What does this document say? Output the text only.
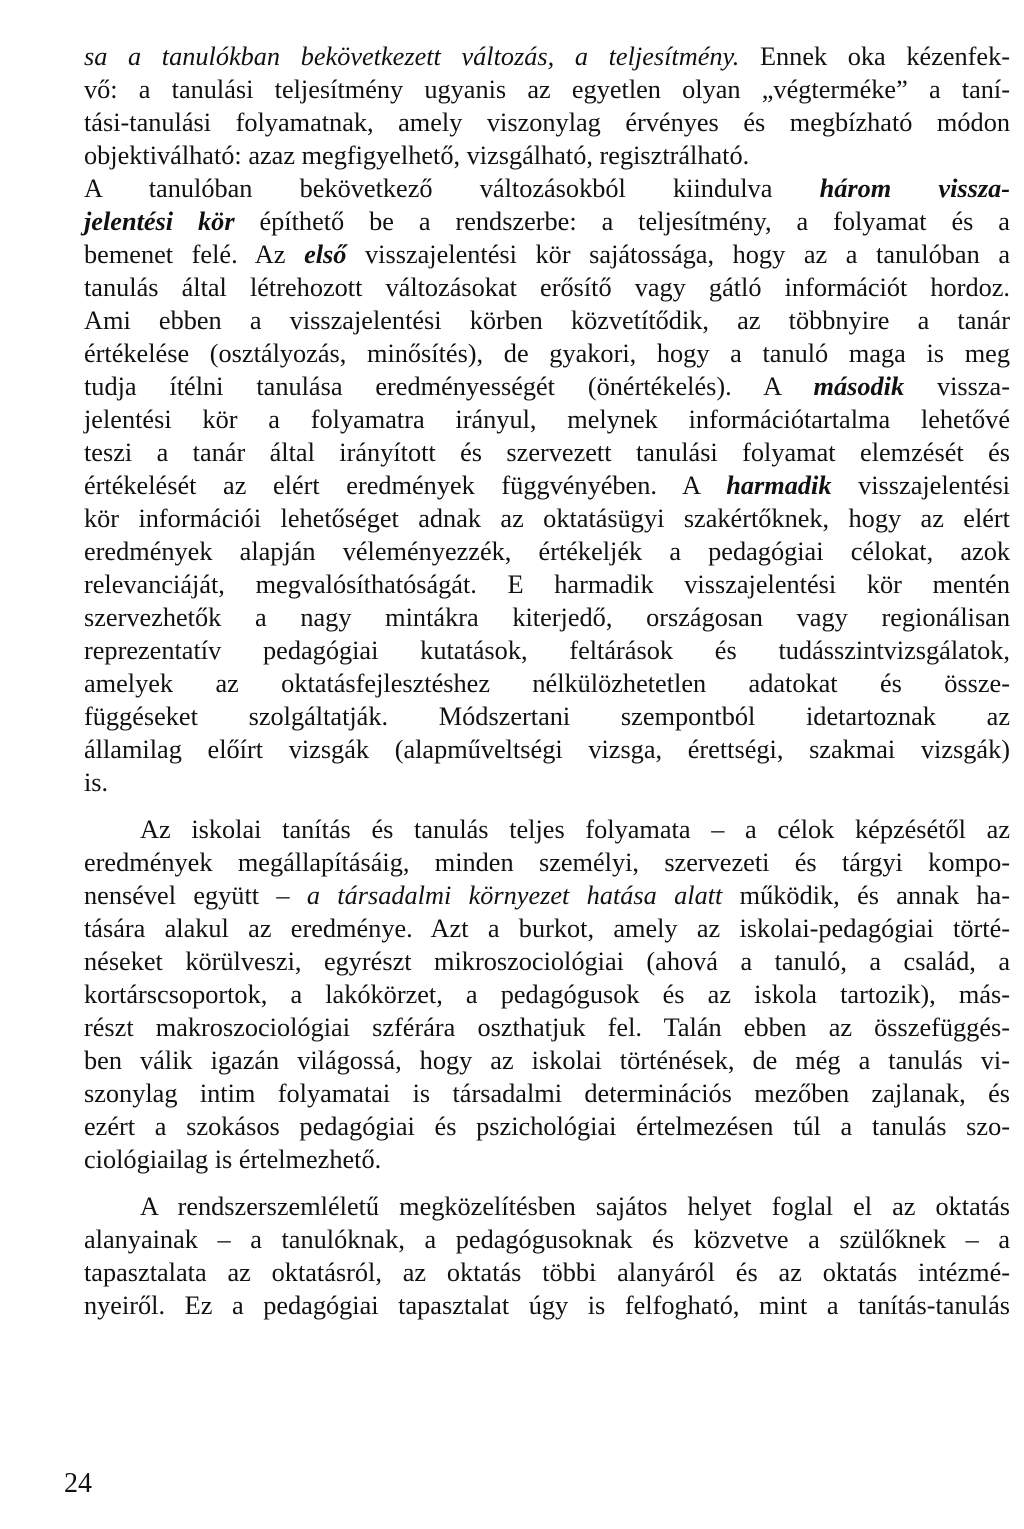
sa a tanulókban bekövetkezett változás, a teljesítmény. Ennek oka kézenfek-
vő: a tanulási teljesítmény ugyanis az egyetlen olyan „végterméke” a taní-
tási-tanulási folyamatnak, amely viszonylag érvényes és megbízható módon
objektiválható: azaz megfigyelhető, vizsgálható, regisztrálható.
A tanulóban bekövetkező változásokból kiindulva három vissza-
jelentési kör építhető be a rendszerbe: a teljesítmény, a folyamat és a
bemenet felé. Az első visszajelentési kör sajátossága, hogy az a tanulóban a
tanulás által létrehozott változásokat erősítő vagy gátló információt hordoz.
Ami ebben a visszajelentési körben közvetítődik, az többnyire a tanár
értékelése (osztályozás, minősítés), de gyakori, hogy a tanuló maga is meg
tudja ítélni tanulása eredményességét (önértékelés). A második vissza-
jelentési kör a folyamatra irányul, melynek információtartalma lehetővé
teszi a tanár által irányított és szervezett tanulási folyamat elemzését és
értékelését az elért eredmények függvényében. A harmadik visszajelentési
kör információi lehetőséget adnak az oktatásügyi szakértőknek, hogy az elért
eredmények alapján véleményezzék, értékeljék a pedagógiai célokat, azok
relevanciáját, megvalósíthatóságát. E harmadik visszajelentési kör mentén
szervezhetők a nagy mintákra kiterjedő, országosan vagy regionálisan
reprezentatív pedagógiai kutatások, feltárások és tudásszintvizsgálatok,
amelyek az oktatásfejlesztéshez nélkülözhetetlen adatokat és össze-
függéseket szolgáltatják. Módszertani szempontból idetartoznak az
államilag előírt vizsgák (alapműveltségi vizsga, érettségi, szakmai vizsgák)
is.
Az iskolai tanítás és tanulás teljes folyamata – a célok képzésétől az
eredmények megállapításáig, minden személyi, szervezeti és tárgyi kompo-
nensével együtt – a társadalmi környezet hatása alatt működik, és annak ha-
tására alakul az eredménye. Azt a burkot, amely az iskolai-pedagógiai törté-
néseket körülveszi, egyrészt mikroszociológiai (ahová a tanuló, a család, a
kortárscsoportok, a lakókörzet, a pedagógusok és az iskola tartozik), más-
részt makroszociológiai szférára oszthatjuk fel. Talán ebben az összefüggés-
ben válik igazán világossá, hogy az iskolai történések, de még a tanulás vi-
szonylag intim folyamatai is társadalmi determinációs mezőben zajlanak, és
ezért a szokásos pedagógiai és pszichológiai értelmezésen túl a tanulás szo-
ciológiailag is értelmezhető.
A rendszerszemléletű megközelítésben sajátos helyet foglal el az oktatás
alanyainak – a tanulóknak, a pedagógusoknak és közvetve a szülőknek – a
tapasztalata az oktatásról, az oktatás többi alanyáról és az oktatás intézmé-
nyeiről. Ez a pedagógiai tapasztalat úgy is felfogható, mint a tanítás-tanulás
24
